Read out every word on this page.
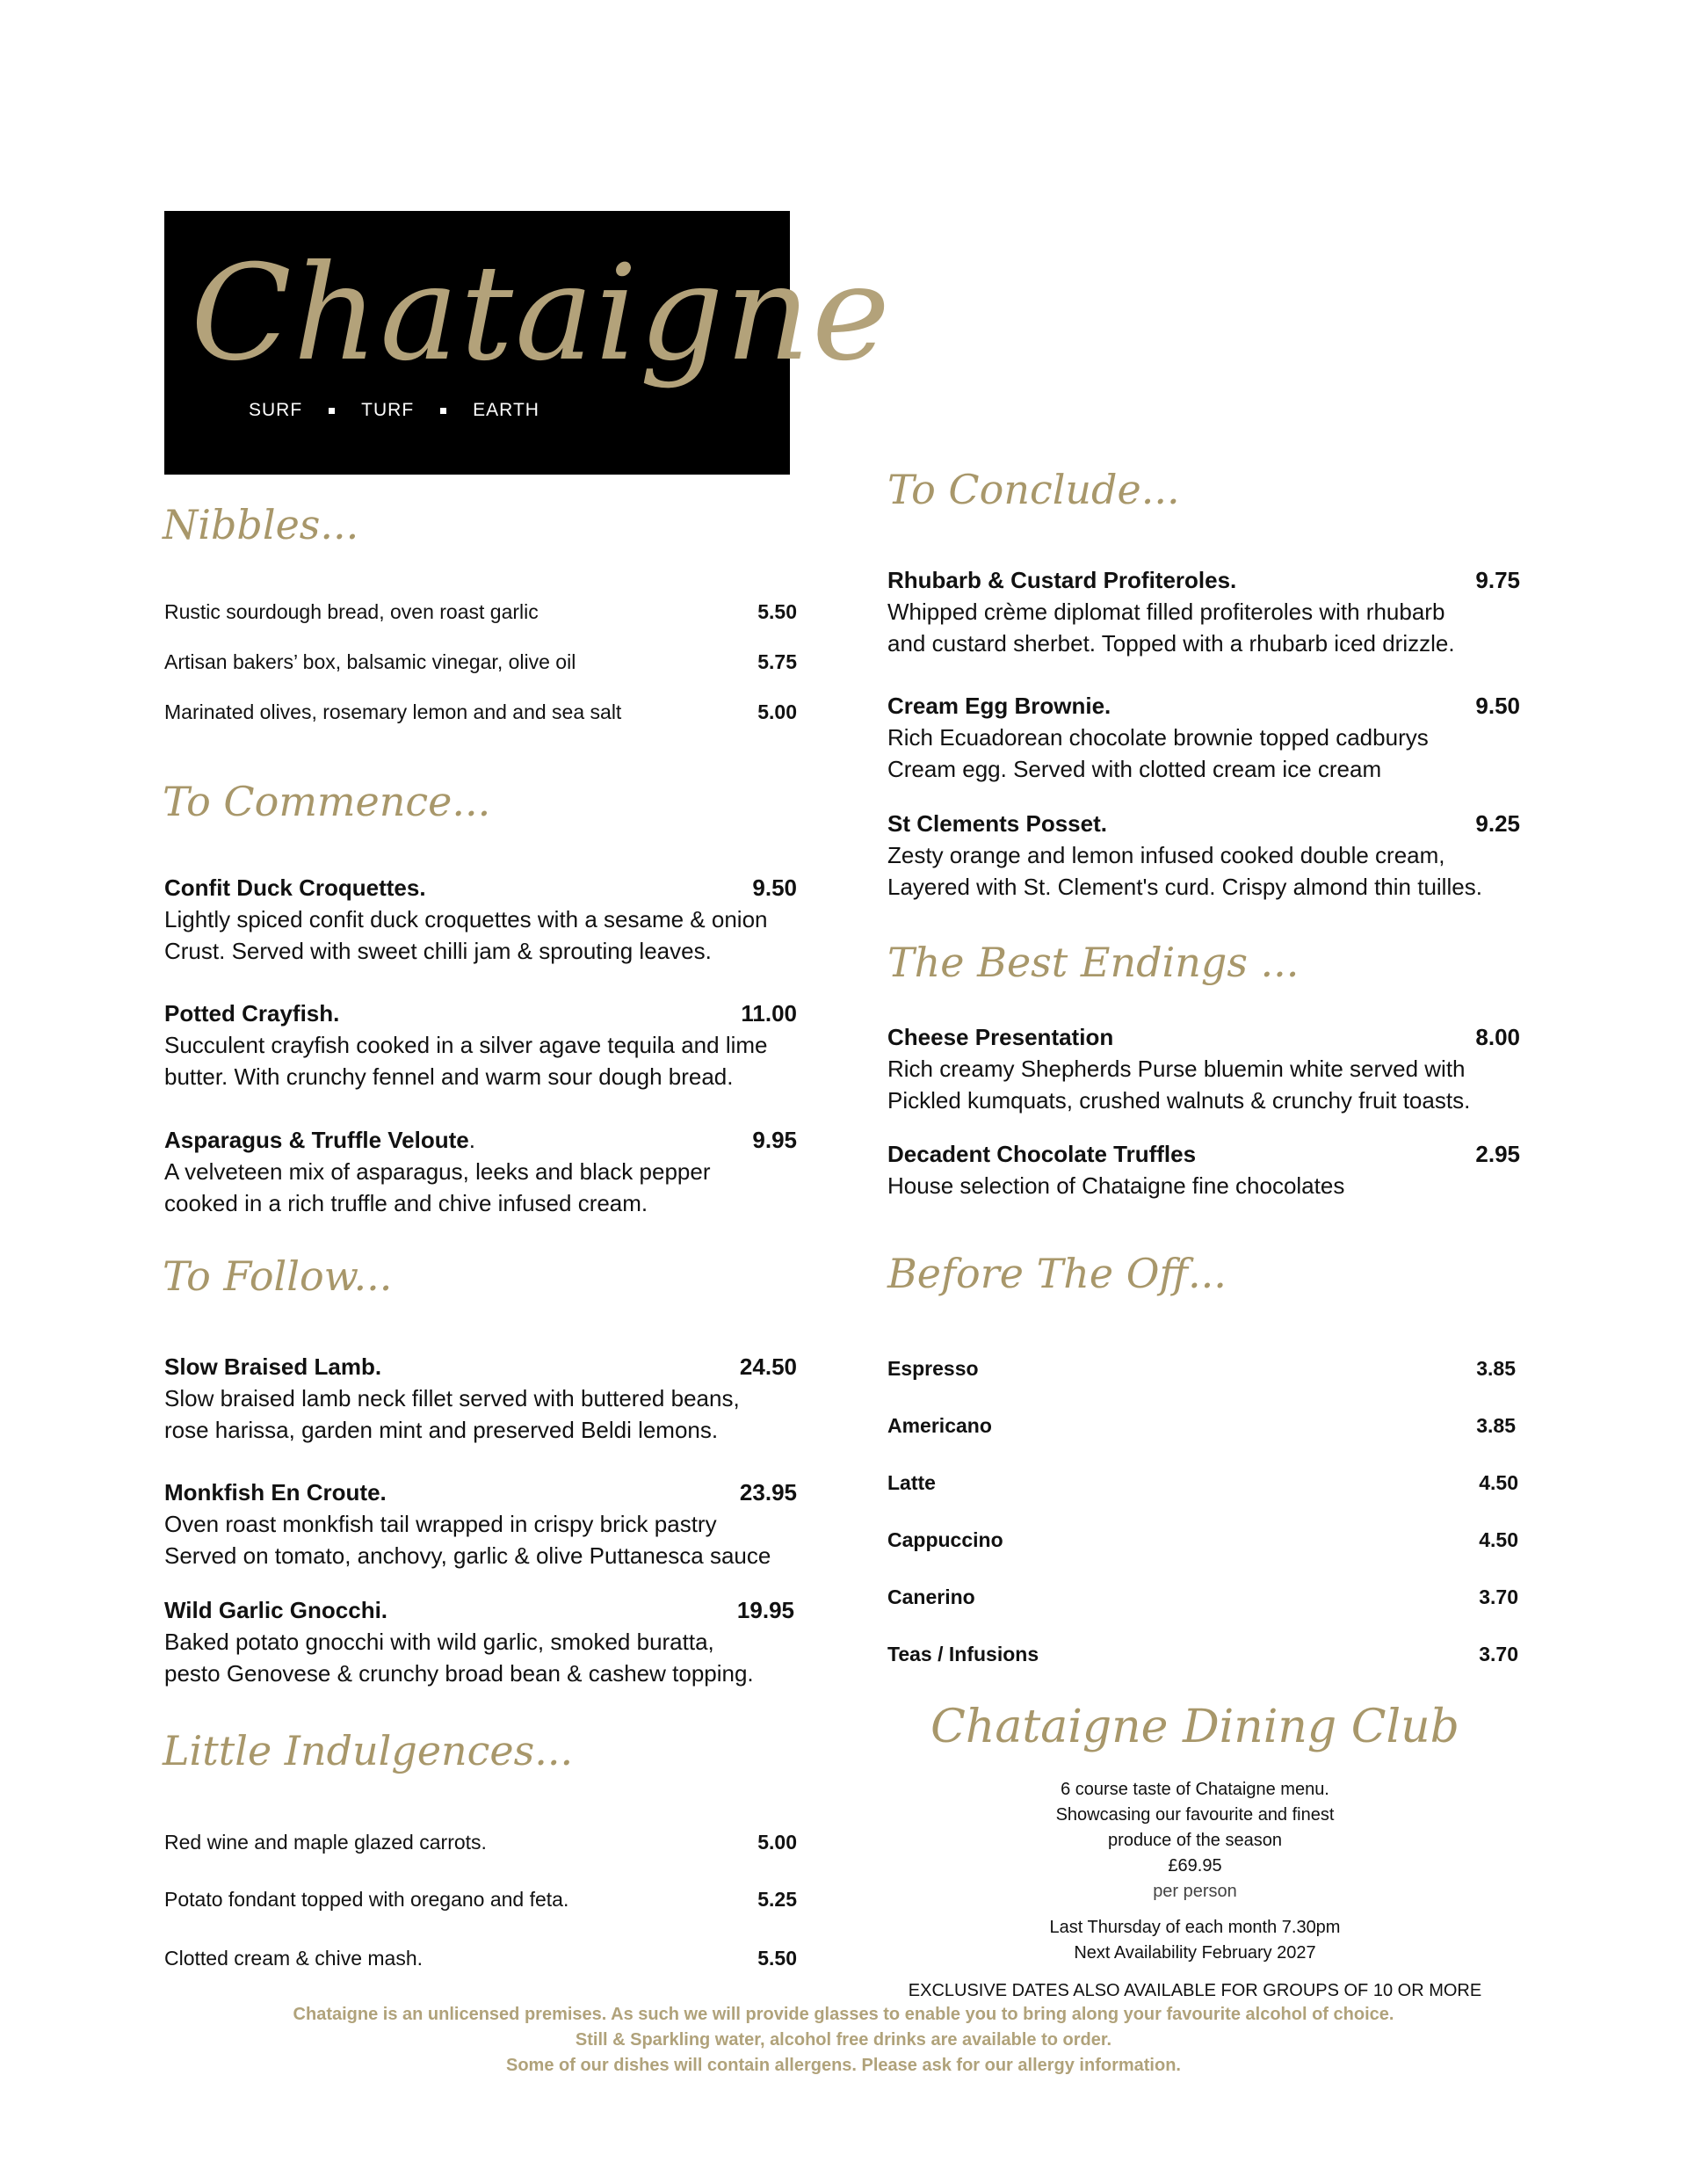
Chataigne
SURF	TURF	EARTH
Nibbles...
Rustic sourdough bread, oven roast garlic	5.50
Artisan bakers’ box, balsamic vinegar, olive oil	5.75
Marinated olives, rosemary lemon and and sea salt	5.00
To Commence...
Confit Duck Croquettes.	9.50
Lightly spiced confit duck croquettes with a sesame & onion
Crust. Served with sweet chilli jam & sprouting leaves.
Potted Crayfish.	11.00
Succulent crayfish cooked in a silver agave tequila and lime
butter. With crunchy fennel and warm sour dough bread.
Asparagus & Truffle Veloute.	9.95
A velveteen mix of asparagus, leeks and black pepper
cooked in a rich truffle and chive infused cream.
To Follow...
Slow Braised Lamb.	24.50
Slow braised lamb neck fillet served with buttered beans,
rose harissa, garden mint and preserved Beldi lemons.
Monkfish En Croute.	23.95
Oven roast monkfish tail wrapped in crispy brick pastry
Served on tomato, anchovy, garlic & olive Puttanesca sauce
Wild Garlic Gnocchi.	19.95
Baked potato gnocchi with wild garlic, smoked buratta,
pesto Genovese & crunchy broad bean & cashew topping.
Little Indulgences...
Red wine and maple glazed carrots.	5.00
Potato fondant topped with oregano and feta.	5.25
Clotted cream & chive mash.	5.50
To Conclude...
Rhubarb & Custard Profiteroles.	9.75
Whipped crème diplomat filled profiteroles with rhubarb
and custard sherbet. Topped with a rhubarb iced drizzle.
Cream Egg Brownie.	9.50
Rich Ecuadorean chocolate brownie topped cadburys
Cream egg. Served with clotted cream ice cream
St Clements Posset.	9.25
Zesty orange and lemon infused cooked double cream,
Layered with St. Clement's curd. Crispy almond thin tuilles.
The Best Endings ...
Cheese Presentation	8.00
Rich creamy Shepherds Purse bluemin white served with
Pickled kumquats, crushed walnuts & crunchy fruit toasts.
Decadent Chocolate Truffles	2.95
House selection of Chataigne fine chocolates
Before The Off...
Espresso	3.85
Americano	3.85
Latte	4.50
Cappuccino	4.50
Canerino	3.70
Teas / Infusions	3.70
Chataigne Dining Club
6 course taste of Chataigne menu.
Showcasing our favourite and finest
produce of the season
£69.95
per person
Last Thursday of each month 7.30pm
Next Availability February 2027
EXCLUSIVE DATES ALSO AVAILABLE FOR GROUPS OF 10 OR MORE
Chataigne is an unlicensed premises. As such we will provide glasses to enable you to bring along your favourite alcohol of choice.
Still & Sparkling water, alcohol free drinks are available to order.
Some of our dishes will contain allergens. Please ask for our allergy information.
